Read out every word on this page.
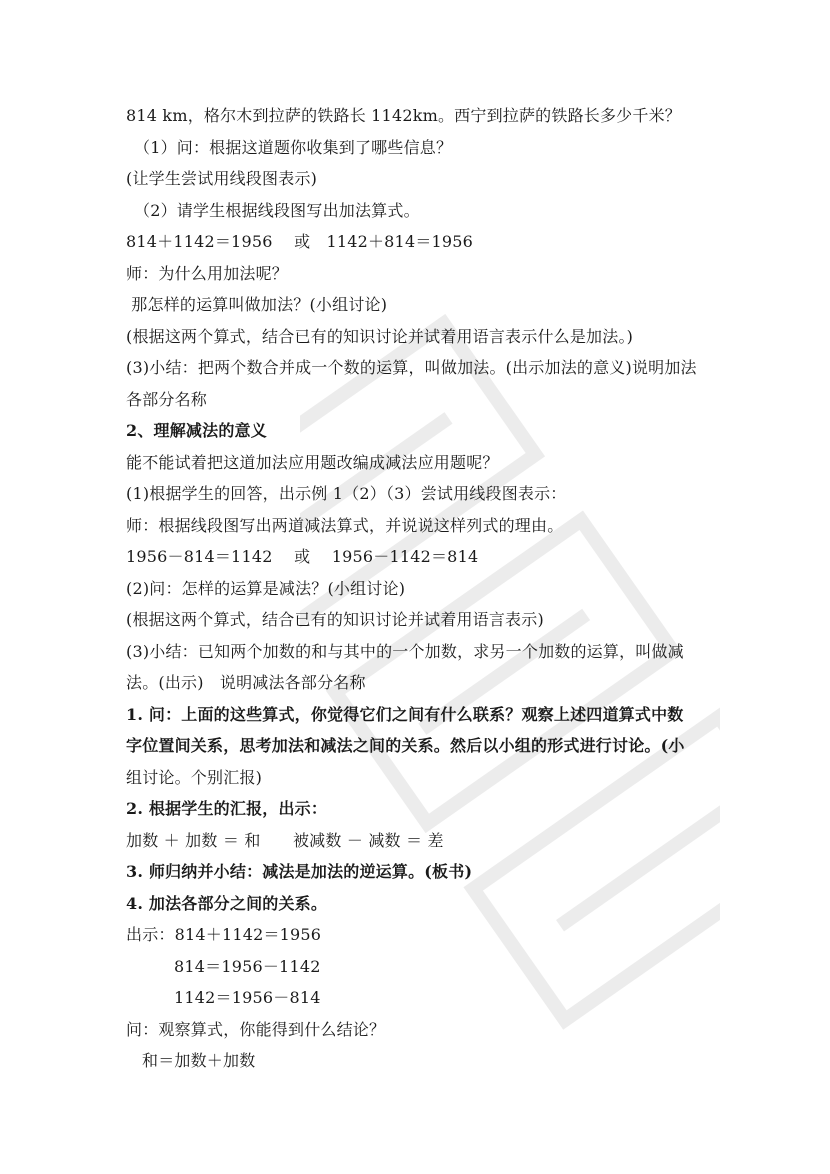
814 km，格尔木到拉萨的铁路长 1142km。西宁到拉萨的铁路长多少千米？
（1）问：根据这道题你收集到了哪些信息？
(让学生尝试用线段图表示)
（2）请学生根据线段图写出加法算式。
814＋1142＝1956　 或　1142＋814＝1956
师：为什么用加法呢？
那怎样的运算叫做加法？(小组讨论)
(根据这两个算式，结合已有的知识讨论并试着用语言表示什么是加法。)
(3)小结：把两个数合并成一个数的运算，叫做加法。(出示加法的意义)说明加法
各部分名称
2、理解减法的意义
能不能试着把这道加法应用题改编成减法应用题呢？
(1)根据学生的回答，出示例 1（2）（3）尝试用线段图表示：
师：根据线段图写出两道减法算式，并说说这样列式的理由。
1956－814＝1142　 或　 1956－1142＝814
(2)问：怎样的运算是减法？(小组讨论)
(根据这两个算式，结合已有的知识讨论并试着用语言表示)
(3)小结：已知两个加数的和与其中的一个加数，求另一个加数的运算，叫做减
法。(出示)　说明减法各部分名称
1. 问：上面的这些算式，你觉得它们之间有什么联系？观察上述四道算式中数
字位置间关系，思考加法和减法之间的关系。然后以小组的形式进行讨论。(小
组讨论。个别汇报)
2. 根据学生的汇报，出示：
加数 ＋ 加数 ＝ 和　　被减数 － 减数 ＝ 差
3. 师归纳并小结：减法是加法的逆运算。(板书)
4. 加法各部分之间的关系。
出示：814＋1142＝1956
814＝1956－1142
1142＝1956－814
问：观察算式，你能得到什么结论？
和＝加数＋加数
